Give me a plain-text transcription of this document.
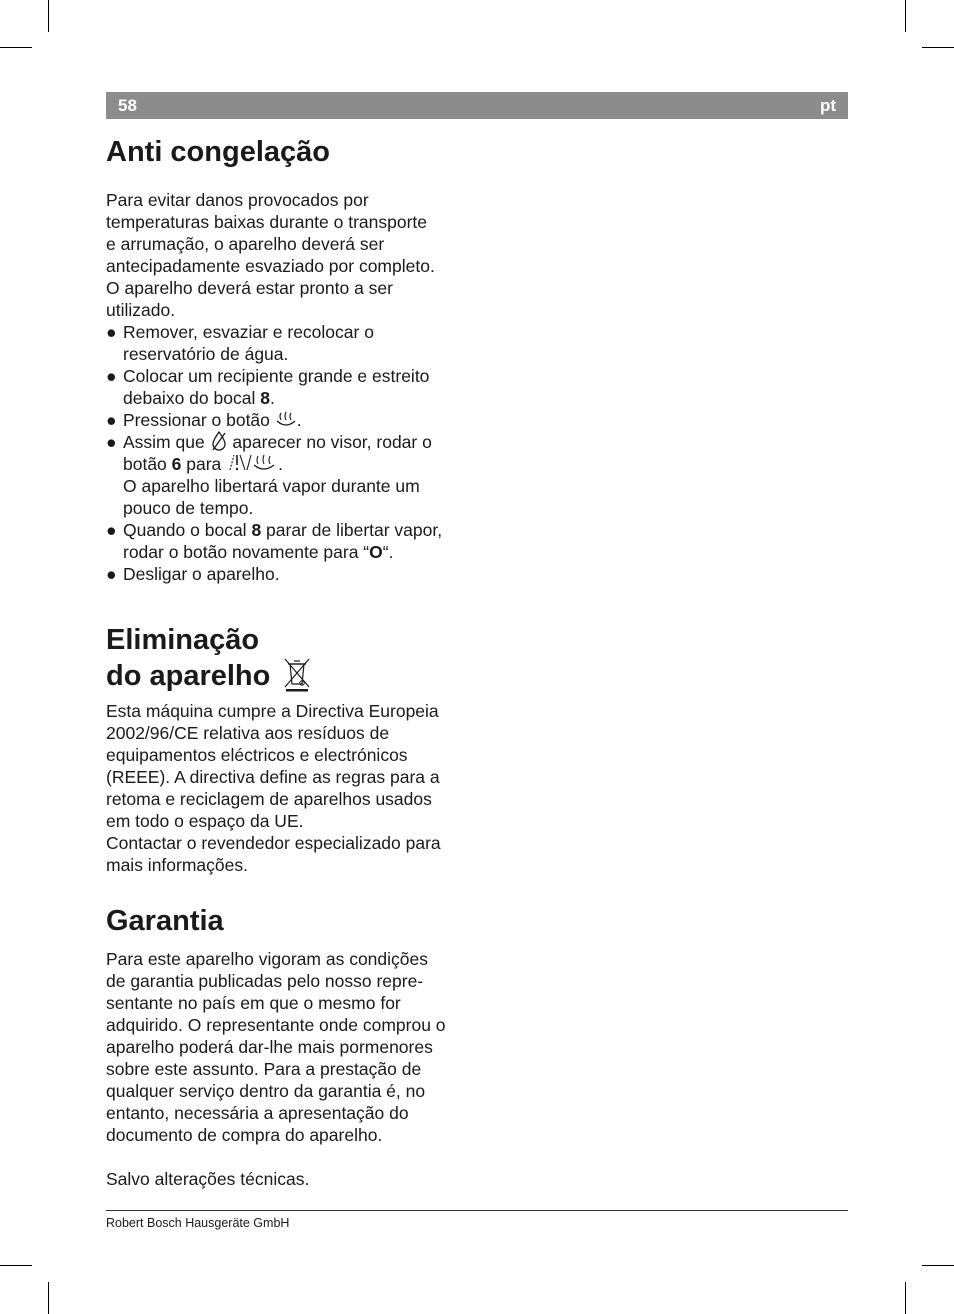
58	pt
Anti congelação

Para evitar danos provocados por
temperaturas baixas durante o transporte
e arrumação, o aparelho deverá ser
antecipadamente esvaziado por completo.
O aparelho deverá estar pronto a ser
utilizado.

● Remover, esvaziar e recolocar o
reservatório de água.
● Colocar um recipiente grande e estreito
debaixo do bocal 8.
● Pressionar o botão .
● Assim que  aparecer no visor, rodar o
botão 6 para	.
O aparelho libertará vapor durante um
pouco de tempo.
● Quando o bocal 8 parar de libertar vapor,
rodar o botão novamente para “O“.
● Desligar o aparelho.
Eliminação
do aparelho

Esta máquina cumpre a Directiva Europeia
2002/96/CE relativa aos resíduos de
equipamentos eléctricos e electrónicos
(REEE). A directiva define as regras para a
retoma e reciclagem de aparelhos usados
em todo o espaço da UE.
Contactar o revendedor especializado para
mais informações.

Garantia

Para este aparelho vigoram as condições
de garantia publicadas pelo nosso repre-
sentante no país em que o mesmo for
adquirido. O representante onde comprou o
aparelho poderá dar-lhe mais pormenores
sobre este assunto. Para a prestação de
qualquer serviço dentro da garantia é, no
entanto, necessária a apresentação do
documento de compra do aparelho.

Salvo alterações técnicas.

Robert Bosch Hausgeräte GmbH
